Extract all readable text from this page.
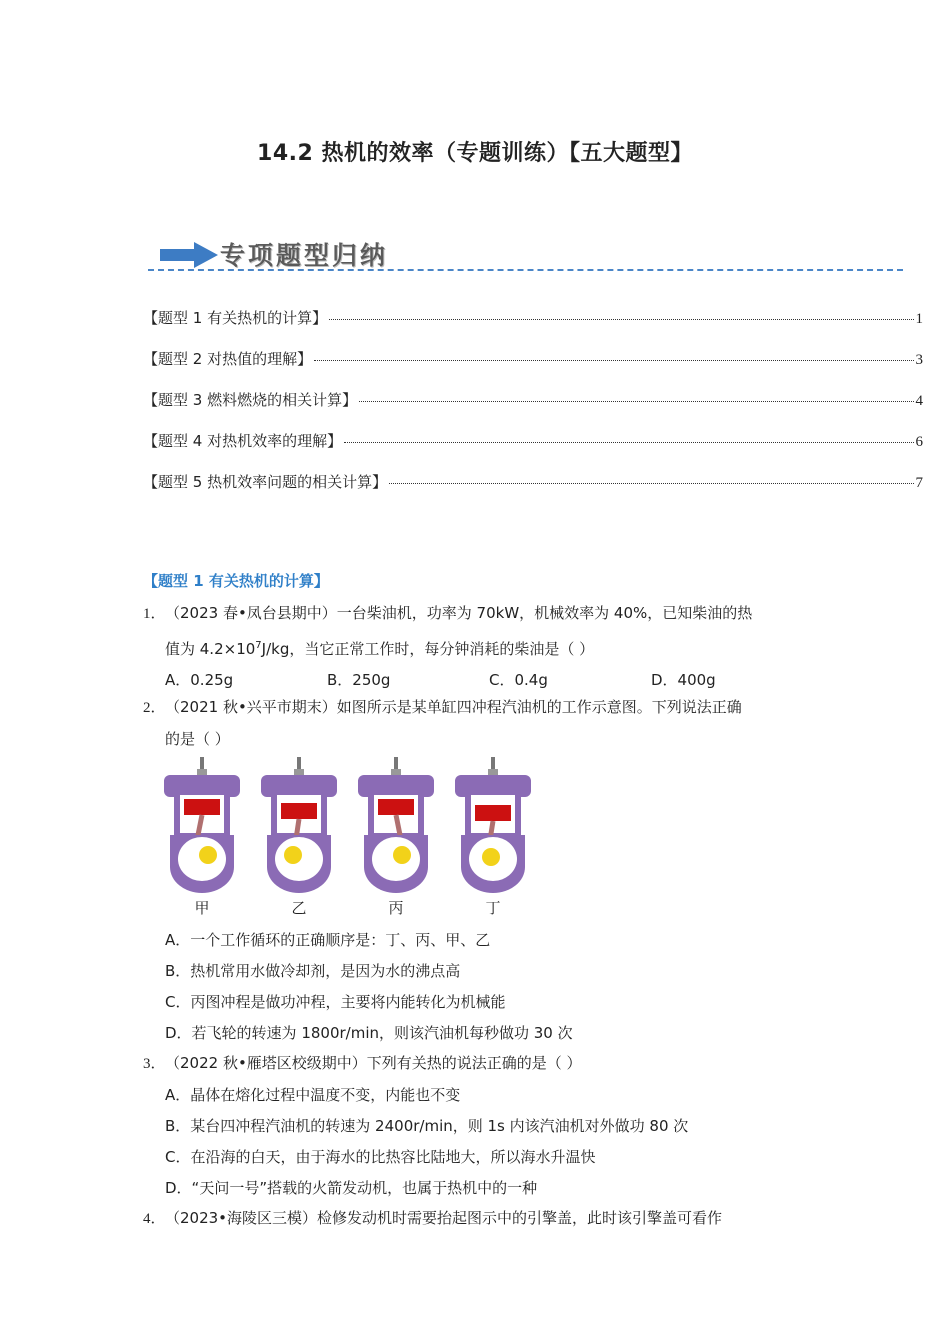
14.2 热机的效率（专题训练）【五大题型】
专项题型归纳
【题型 1 有关热机的计算】	1
【题型 2 对热值的理解】	3
【题型 3 燃料燃烧的相关计算】	4
【题型 4 对热机效率的理解】	6
【题型 5 热机效率问题的相关计算】	7
【题型 1 有关热机的计算】
1．（2023 春•凤台县期中）一台柴油机，功率为 70kW，机械效率为 40%，已知柴油的热
值为 $4.2\times 10^7J/kg$，当它正常工作时，每分钟消耗的柴油是（ ）
A．0.25g	B．250g	C．0.4g	D．400g
2．（2021 秋•兴平市期末）如图所示是某单缸四冲程汽油机的工作示意图。下列说法正确
的是（ ）
甲	乙	丙	丁
A．一个工作循环的正确顺序是：丁、丙、甲、乙
B．热机常用水做冷却剂，是因为水的沸点高
C．丙图冲程是做功冲程，主要将内能转化为机械能
D．若飞轮的转速为 1800r/min，则该汽油机每秒做功 30 次
3．（2022 秋•雁塔区校级期中）下列有关热的说法正确的是（ ）
A．晶体在熔化过程中温度不变，内能也不变
B．某台四冲程汽油机的转速为 2400r/min，则 1s 内该汽油机对外做功 80 次
C．在沿海的白天，由于海水的比热容比陆地大，所以海水升温快
D．“天问一号”搭载的火箭发动机，也属于热机中的一种
4．（2023•海陵区三模）检修发动机时需要抬起图示中的引擎盖，此时该引擎盖可看作
